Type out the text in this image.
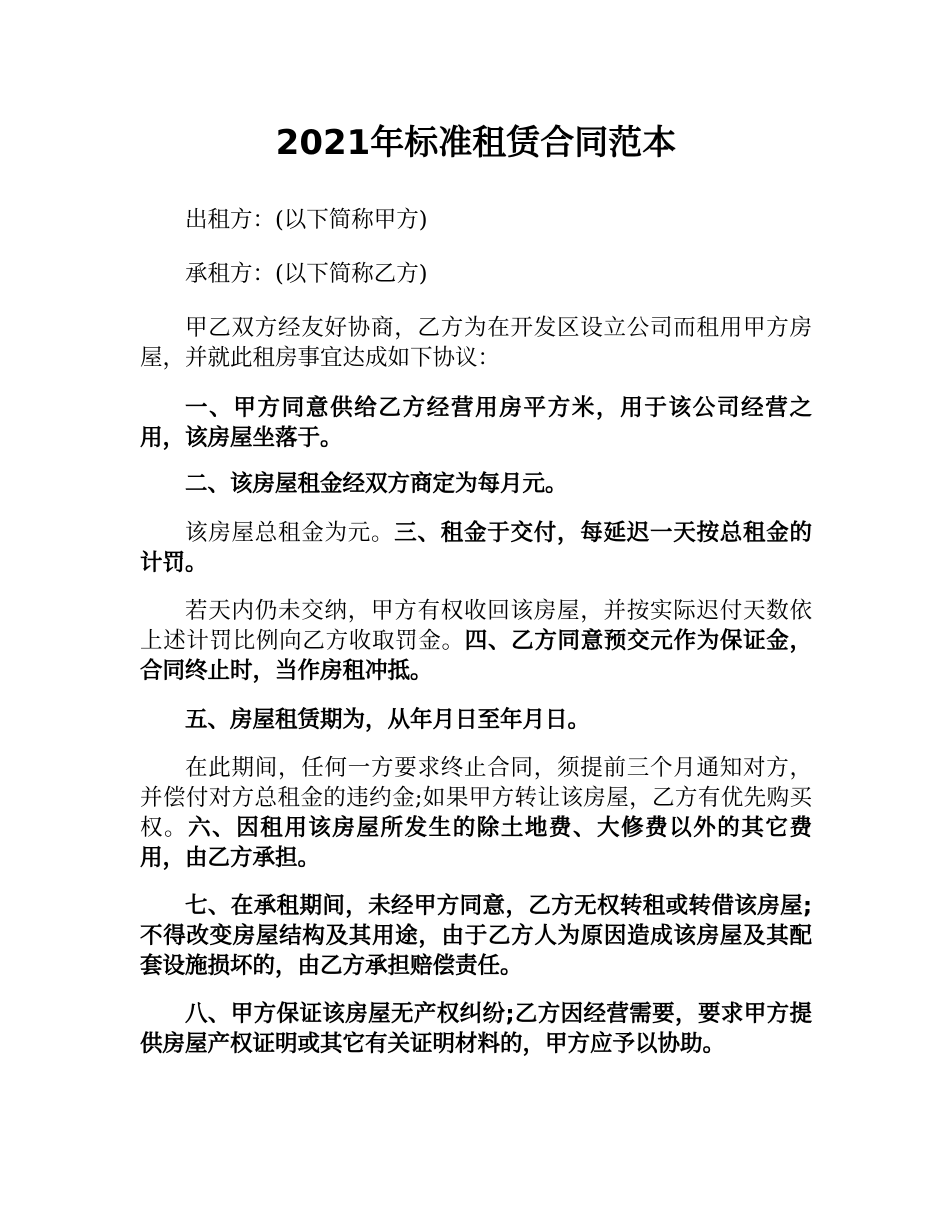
2021年标准租赁合同范本

出租方：(以下简称甲方)

承租方：(以下简称乙方)

甲乙双方经友好协商，乙方为在开发区设立公司而租用甲方房屋，并就此租房事宜达成如下协议：

一、甲方同意供给乙方经营用房平方米，用于该公司经营之用，该房屋坐落于。

二、该房屋租金经双方商定为每月元。

该房屋总租金为元。三、租金于交付，每延迟一天按总租金的计罚。

若天内仍未交纳，甲方有权收回该房屋，并按实际迟付天数依上述计罚比例向乙方收取罚金。四、乙方同意预交元作为保证金，合同终止时，当作房租冲抵。

五、房屋租赁期为，从年月日至年月日。

在此期间，任何一方要求终止合同，须提前三个月通知对方，并偿付对方总租金的违约金;如果甲方转让该房屋，乙方有优先购买权。六、因租用该房屋所发生的除土地费、大修费以外的其它费用，由乙方承担。

七、在承租期间，未经甲方同意，乙方无权转租或转借该房屋;不得改变房屋结构及其用途，由于乙方人为原因造成该房屋及其配套设施损坏的，由乙方承担赔偿责任。

八、甲方保证该房屋无产权纠纷;乙方因经营需要，要求甲方提供房屋产权证明或其它有关证明材料的，甲方应予以协助。
